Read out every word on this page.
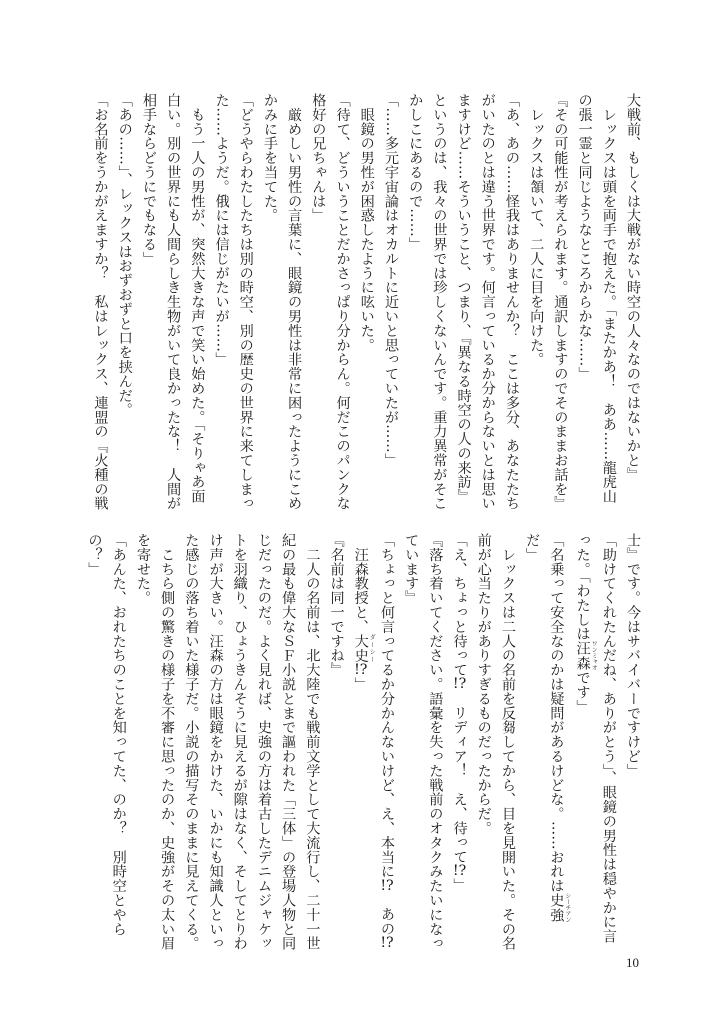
大戦前、もしくは大戦がない時空の人々なのではないかと』
　レックスは頭を両手で抱えた。「またかあ！　ああ……龍虎山
の張一霊と同じようなところからかな……」
『その可能性が考えられます。通訳しますのでそのままお話を』
　レックスは頷いて、二人に目を向けた。
「あ、あの……怪我はありませんか？　ここは多分、あなたたち
がいたのとは違う世界です。何言っているか分からないとは思い
ますけど……そういうこと、つまり、『異なる時空の人の来訪』
というのは、我々の世界では珍しくないんです。重力異常がそこ
かしこにあるので……」
「……多元宇宙論はオカルトに近いと思っていたが……」
　眼鏡の男性が困惑したように呟いた。
「待て、どういうことだかさっぱり分からん。何だこのパンクな
格好の兄ちゃんは」
　厳めしい男性の言葉に、眼鏡の男性は非常に困ったようにこめ
かみに手を当てた。
「どうやらわたしたちは別の時空、別の歴史の世界に来てしまっ
た……ようだ。俄には信じがたいが……」
　もう一人の男性が、突然大きな声で笑い始めた。「そりゃあ面
白い。別の世界にも人間らしき生物がいて良かったな！　人間が
相手ならどうにでもなる」
「あの……」、レックスはおずおずと口を挟んだ。
「お名前をうかがえますか？　私はレックス、連盟の『火種の戦
士』です。今はサバイバーですけど」
「助けてくれたんだね、ありがとう」、眼鏡の男性は穏やかに言
った。「わたしは汪森 ワンミャオです」
「名乗って安全なのかは疑問があるけどな。……おれは史強 シーチアン
だ」
　レックスは二人の名前を反芻してから、目を見開いた。その名
前が心当たりがありすぎるものだったからだ。
「え、ちょっと待って!?　リディア！　え、待って!?」
『落ち着いてください。語彙を失った戦前のオタクみたいになっ
ています』
「ちょっと何言ってるか分かんないけど、え、本当に!?　あの!?
　汪森教授と、大史 ダーシー!?」
『名前は同一ですね』
　二人の名前は、北大陸でも戦前文学として大流行し、二十一世
紀の最も偉大なＳＦ小説とまで謳われた「三体」の登場人物と同
じだったのだ。よく見れば、史強の方は着古したデニムジャケッ
トを羽織り、ひょうきんそうに見えるが隙はなく、そしてとりわ
け声が大きい。汪森の方は眼鏡をかけた、いかにも知識人といっ
た感じの落ち着いた様子だ。小説の描写そのままに見えてくる。
　こちら側の驚きの様子を不審に思ったのか、史強がその太い眉
を寄せた。
「あんた、おれたちのことを知ってた、のか？　別時空とやら
の？」
10
